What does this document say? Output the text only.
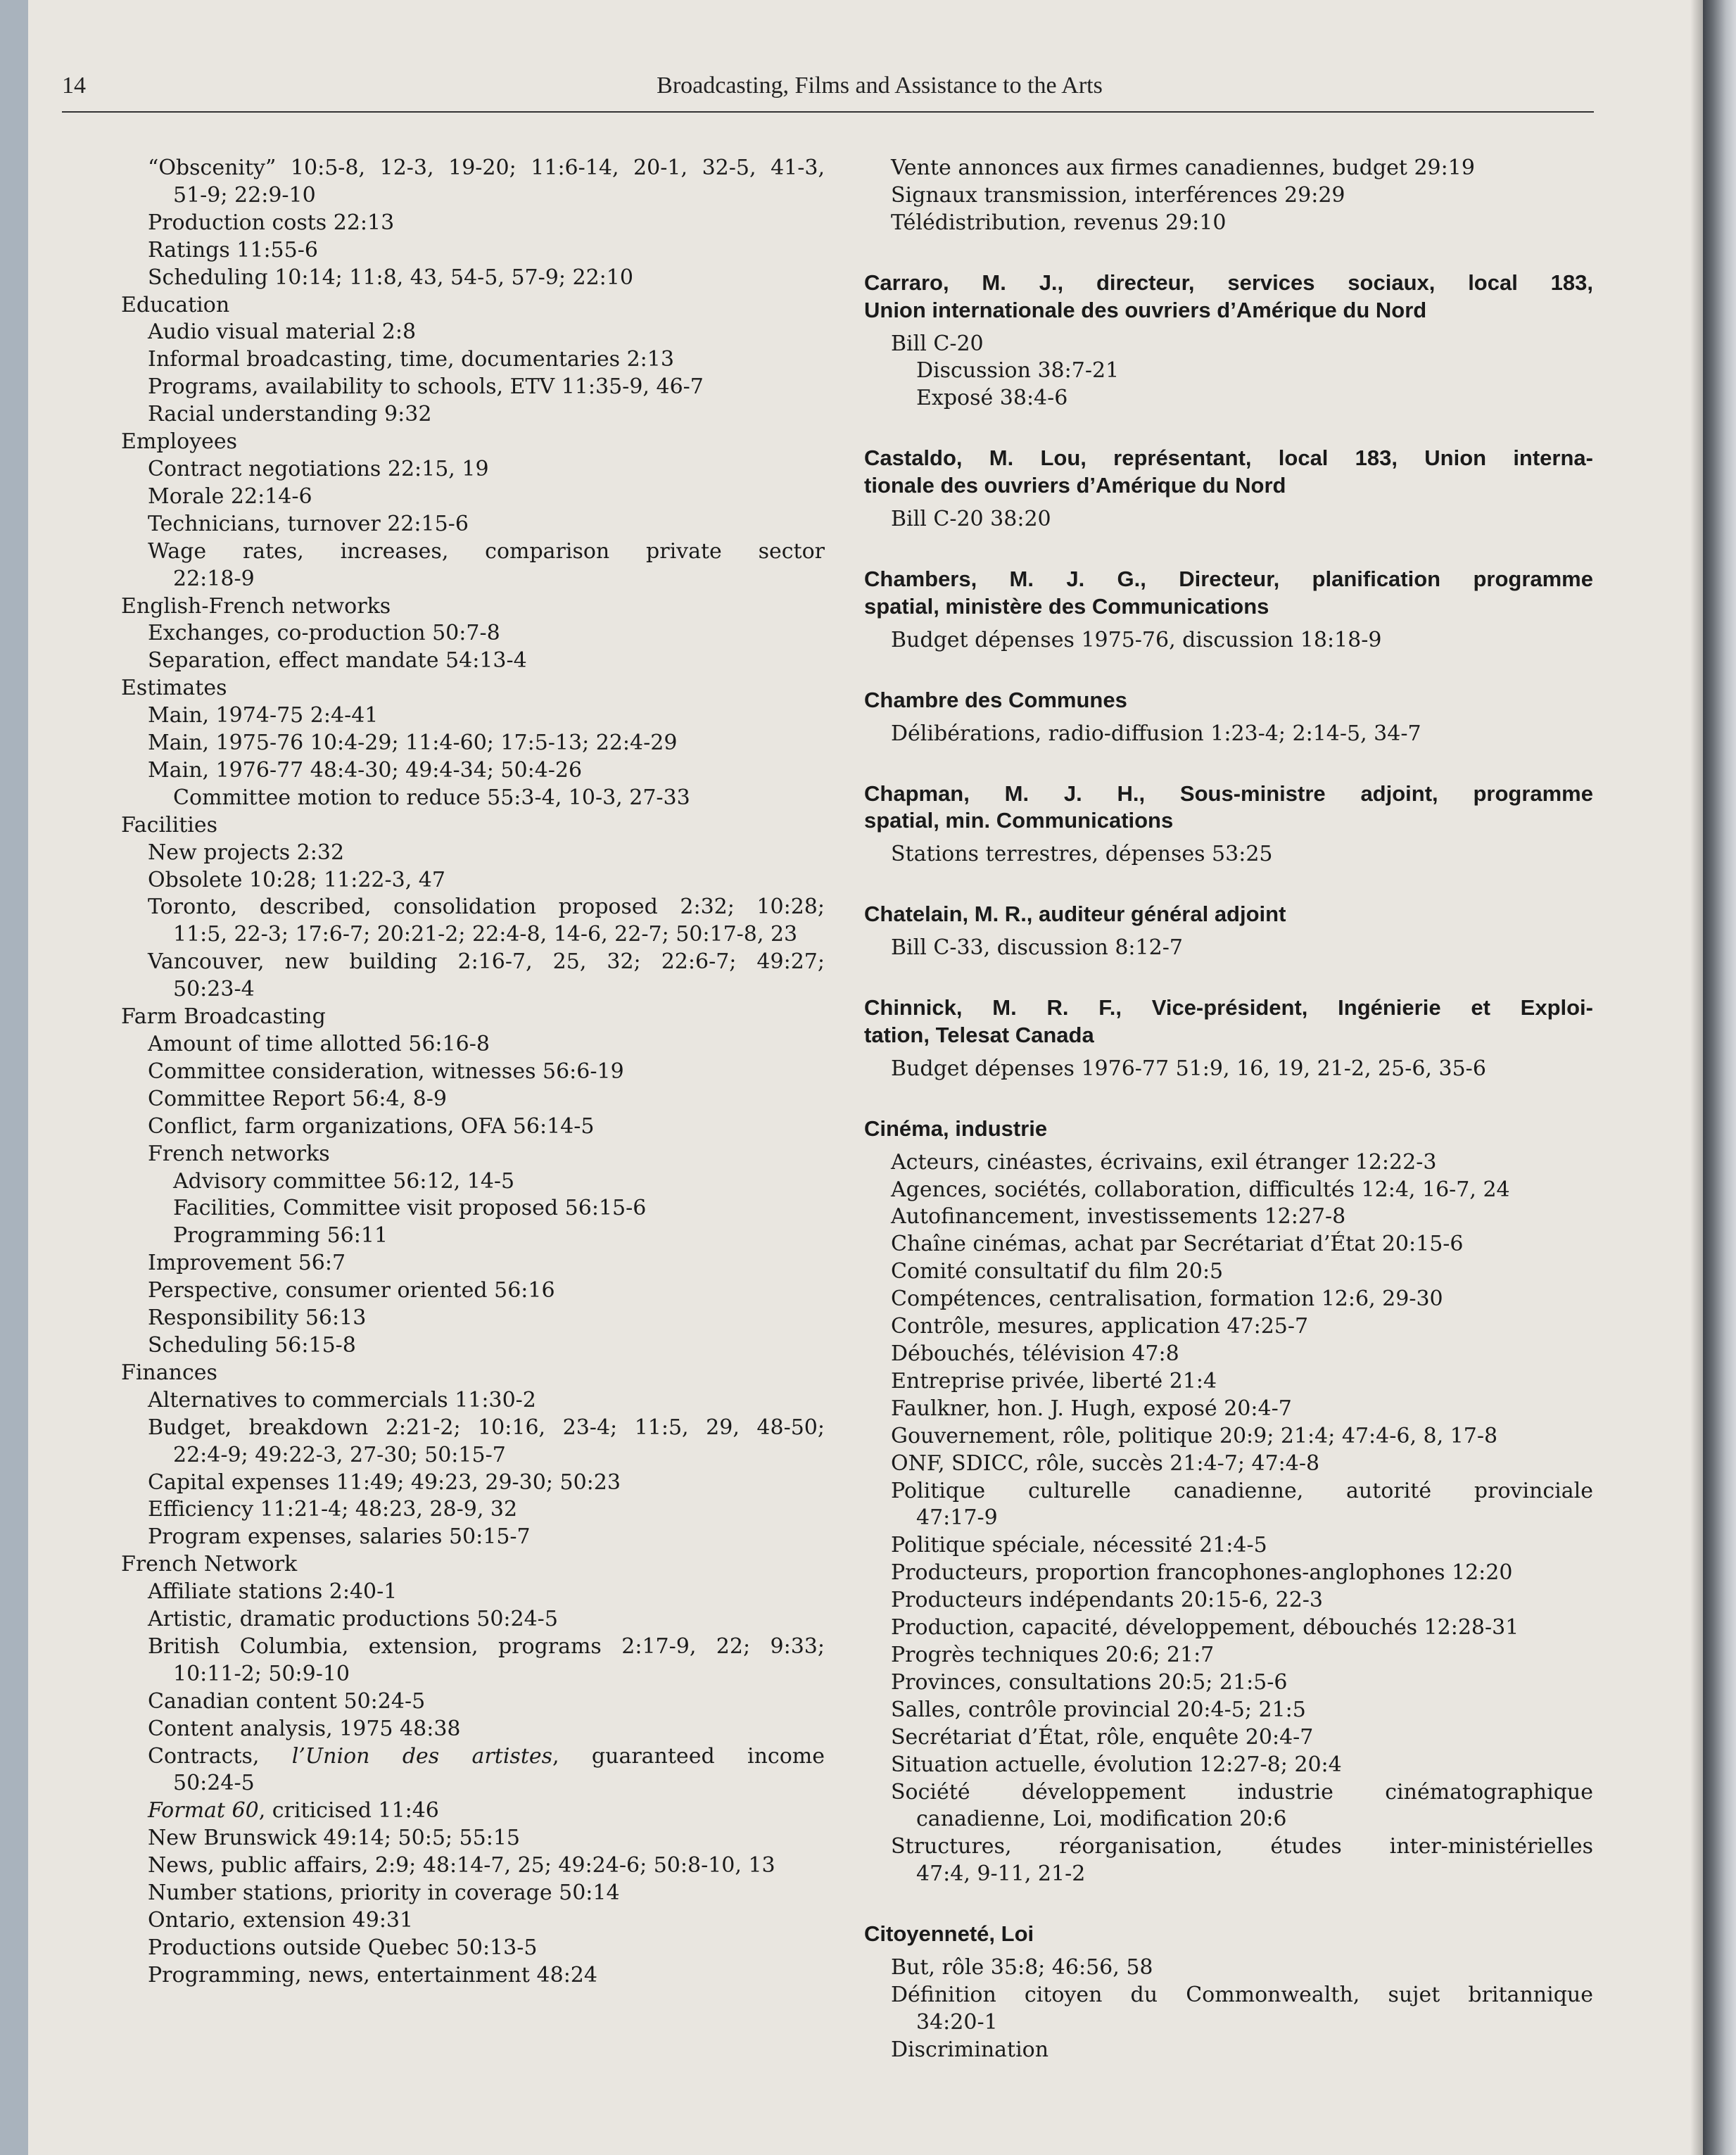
14	Broadcasting, Films and Assistance to the Arts
“Obscenity” 10:5-8, 12-3, 19-20; 11:6-14, 20-1, 32-5, 41-3,
51-9; 22:9-10
Production costs 22:13
Ratings 11:55-6
Scheduling 10:14; 11:8, 43, 54-5, 57-9; 22:10
Education
Audio visual material 2:8
Informal broadcasting, time, documentaries 2:13
Programs, availability to schools, ETV 11:35-9, 46-7
Racial understanding 9:32
Employees
Contract negotiations 22:15, 19
Morale 22:14-6
Technicians, turnover 22:15-6
Wage rates, increases, comparison private sector
22:18-9
English-French networks
Exchanges, co-production 50:7-8
Separation, effect mandate 54:13-4
Estimates
Main, 1974-75 2:4-41
Main, 1975-76 10:4-29; 11:4-60; 17:5-13; 22:4-29
Main, 1976-77 48:4-30; 49:4-34; 50:4-26
Committee motion to reduce 55:3-4, 10-3, 27-33
Facilities
New projects 2:32
Obsolete 10:28; 11:22-3, 47
Toronto, described, consolidation proposed 2:32; 10:28;
11:5, 22-3; 17:6-7; 20:21-2; 22:4-8, 14-6, 22-7; 50:17-8, 23
Vancouver, new building 2:16-7, 25, 32; 22:6-7; 49:27;
50:23-4
Farm Broadcasting
Amount of time allotted 56:16-8
Committee consideration, witnesses 56:6-19
Committee Report 56:4, 8-9
Conflict, farm organizations, OFA 56:14-5
French networks
Advisory committee 56:12, 14-5
Facilities, Committee visit proposed 56:15-6
Programming 56:11
Improvement 56:7
Perspective, consumer oriented 56:16
Responsibility 56:13
Scheduling 56:15-8
Finances
Alternatives to commercials 11:30-2
Budget, breakdown 2:21-2; 10:16, 23-4; 11:5, 29, 48-50;
22:4-9; 49:22-3, 27-30; 50:15-7
Capital expenses 11:49; 49:23, 29-30; 50:23
Efficiency 11:21-4; 48:23, 28-9, 32
Program expenses, salaries 50:15-7
French Network
Affiliate stations 2:40-1
Artistic, dramatic productions 50:24-5
British Columbia, extension, programs 2:17-9, 22; 9:33;
10:11-2; 50:9-10
Canadian content 50:24-5
Content analysis, 1975 48:38
Contracts, l’Union des artistes, guaranteed income
50:24-5
Format 60, criticised 11:46
New Brunswick 49:14; 50:5; 55:15
News, public affairs, 2:9; 48:14-7, 25; 49:24-6; 50:8-10, 13
Number stations, priority in coverage 50:14
Ontario, extension 49:31
Productions outside Quebec 50:13-5
Programming, news, entertainment 48:24
Vente annonces aux firmes canadiennes, budget 29:19
Signaux transmission, interférences 29:29
Télédistribution, revenus 29:10
Carraro, M. J., directeur, services sociaux, local 183,
Union internationale des ouvriers d’Amérique du Nord
Bill C-20
Discussion 38:7-21
Exposé 38:4-6
Castaldo, M. Lou, représentant, local 183, Union interna-
tionale des ouvriers d’Amérique du Nord
Bill C-20 38:20
Chambers, M. J. G., Directeur, planification programme
spatial, ministère des Communications
Budget dépenses 1975-76, discussion 18:18-9
Chambre des Communes
Délibérations, radio-diffusion 1:23-4; 2:14-5, 34-7
Chapman, M. J. H., Sous-ministre adjoint, programme
spatial, min. Communications
Stations terrestres, dépenses 53:25
Chatelain, M. R., auditeur général adjoint
Bill C-33, discussion 8:12-7
Chinnick, M. R. F., Vice-président, Ingénierie et Exploi-
tation, Telesat Canada
Budget dépenses 1976-77 51:9, 16, 19, 21-2, 25-6, 35-6
Cinéma, industrie
Acteurs, cinéastes, écrivains, exil étranger 12:22-3
Agences, sociétés, collaboration, difficultés 12:4, 16-7, 24
Autofinancement, investissements 12:27-8
Chaîne cinémas, achat par Secrétariat d’État 20:15-6
Comité consultatif du film 20:5
Compétences, centralisation, formation 12:6, 29-30
Contrôle, mesures, application 47:25-7
Débouchés, télévision 47:8
Entreprise privée, liberté 21:4
Faulkner, hon. J. Hugh, exposé 20:4-7
Gouvernement, rôle, politique 20:9; 21:4; 47:4-6, 8, 17-8
ONF, SDICC, rôle, succès 21:4-7; 47:4-8
Politique culturelle canadienne, autorité provinciale
47:17-9
Politique spéciale, nécessité 21:4-5
Producteurs, proportion francophones-anglophones 12:20
Producteurs indépendants 20:15-6, 22-3
Production, capacité, développement, débouchés 12:28-31
Progrès techniques 20:6; 21:7
Provinces, consultations 20:5; 21:5-6
Salles, contrôle provincial 20:4-5; 21:5
Secrétariat d’État, rôle, enquête 20:4-7
Situation actuelle, évolution 12:27-8; 20:4
Société développement industrie cinématographique
canadienne, Loi, modification 20:6
Structures, réorganisation, études inter-ministérielles
47:4, 9-11, 21-2
Citoyenneté, Loi
But, rôle 35:8; 46:56, 58
Définition citoyen du Commonwealth, sujet britannique
34:20-1
Discrimination
